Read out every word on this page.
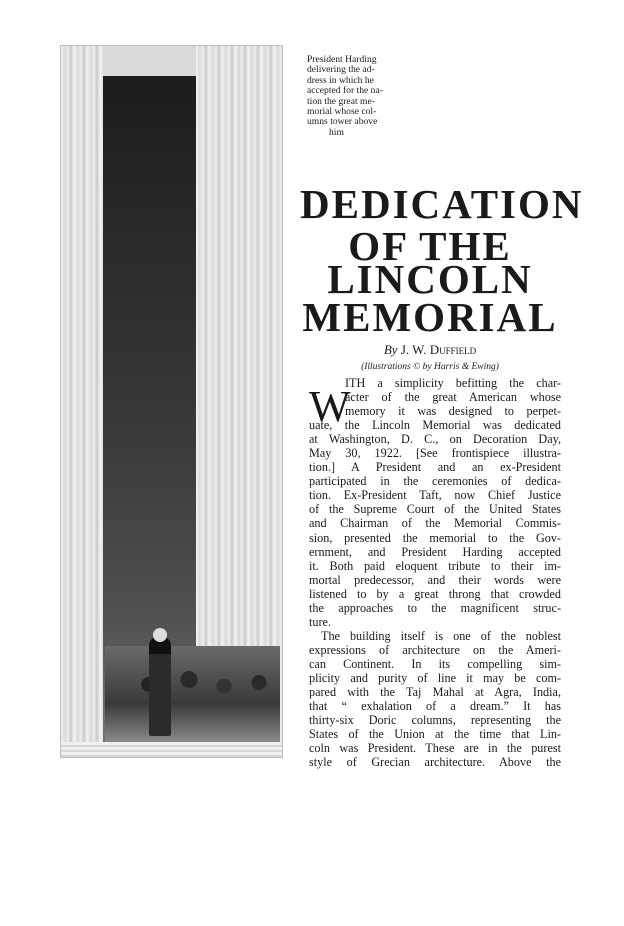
President Harding
delivering the ad-
dress in which he
accepted for the na-
tion the great me-
morial whose col-
umns tower above
him
DEDICATION
OF THE
LINCOLN
MEMORIAL
By J. W. Duffield
(Illustrations © by Harris & Ewing)
W
ITH a simplicity befitting the char-
acter of the great American whose
memory it was designed to perpet-
uate, the Lincoln Memorial was dedicated
at Washington, D. C., on Decoration Day,
May 30, 1922. [See frontispiece illustra-
tion.] A President and an ex-President
participated in the ceremonies of dedica-
tion. Ex-President Taft, now Chief Justice
of the Supreme Court of the United States
and Chairman of the Memorial Commis-
sion, presented the memorial to the Gov-
ernment, and President Harding accepted
it. Both paid eloquent tribute to their im-
mortal predecessor, and their words were
listened to by a great throng that crowded
the approaches to the magnificent struc-
ture.
The building itself is one of the noblest
expressions of architecture on the Ameri-
can Continent. In its compelling sim-
plicity and purity of line it may be com-
pared with the Taj Mahal at Agra, India,
that “ exhalation of a dream.” It has
thirty-six Doric columns, representing the
States of the Union at the time that Lin-
coln was President. These are in the purest
style of Grecian architecture. Above the
